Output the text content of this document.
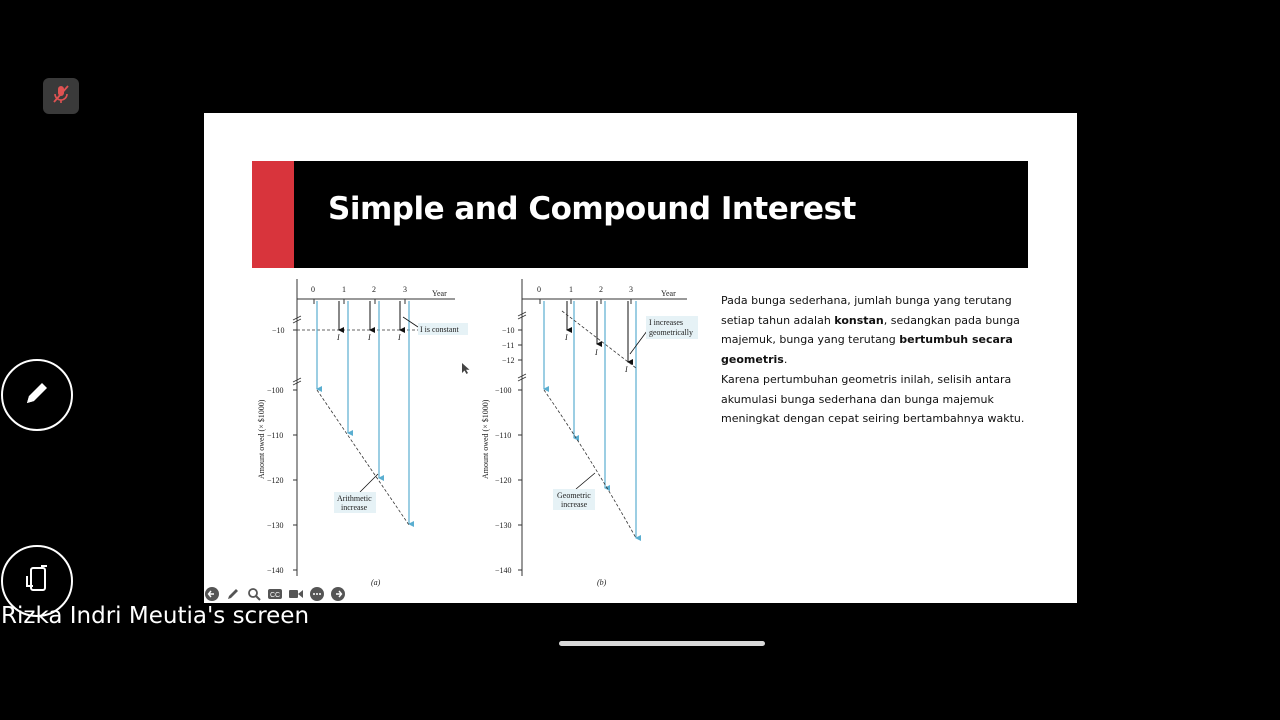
Simple and Compound Interest
Year
0	1	2	3
−10
−100
−110
−120
−130
−140
Amount owed (× $1000)
I	I	I
I is constant
Arithmetic
increase
(a)
Year
0	1	2	3
−10
−11
−12
−100
−110
−120
−130
−140
Amount owed (× $1000)
I
I
I
I increases
geometrically
Geometric
increase
(b)

Pada bunga sederhana, jumlah bunga yang terutang setiap tahun adalah konstan, sedangkan pada bunga majemuk, bunga yang terutang bertumbuh secara geometris.

Karena pertumbuhan geometris inilah, selisih antara akumulasi bunga sederhana dan bunga majemuk meningkat dengan cepat seiring bertambahnya waktu.

CC
Rizka Indri Meutia's screen
